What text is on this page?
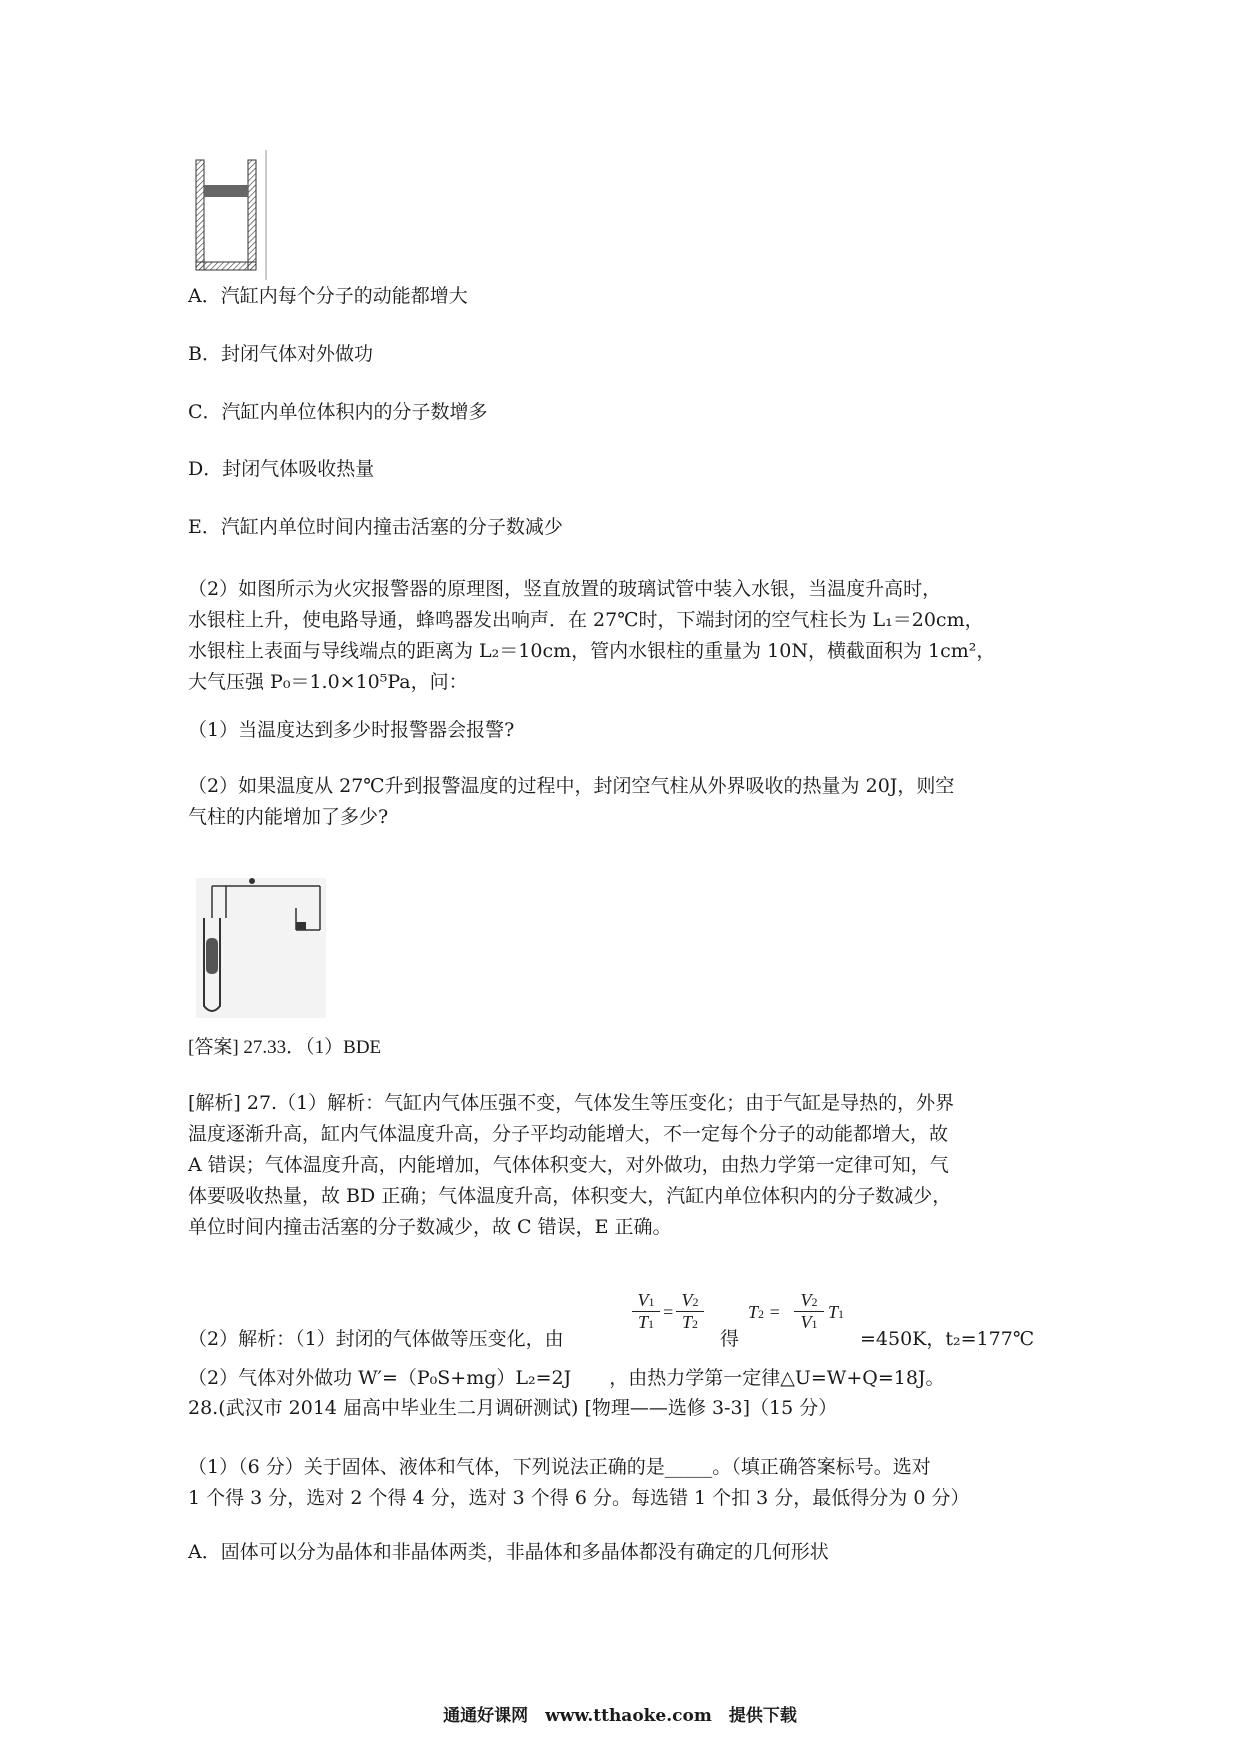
A．汽缸内每个分子的动能都增大
B．封闭气体对外做功
C．汽缸内单位体积内的分子数增多
D．封闭气体吸收热量
E．汽缸内单位时间内撞击活塞的分子数减少
（2）如图所示为火灾报警器的原理图，竖直放置的玻璃试管中装入水银，当温度升高时，
水银柱上升，使电路导通，蜂鸣器发出响声．在 27℃时，下端封闭的空气柱长为 L₁＝20cm，
水银柱上表面与导线端点的距离为 L₂＝10cm，管内水银柱的重量为 10N，横截面积为 1cm²，
大气压强 P₀＝1.0×10⁵Pa，问：
（1）当温度达到多少时报警器会报警?
（2）如果温度从 27℃升到报警温度的过程中，封闭空气柱从外界吸收的热量为 20J，则空
气柱的内能增加了多少?
[答案] 27.33．（1）BDE
[解析] 27.（1）解析：气缸内气体压强不变，气体发生等压变化；由于气缸是导热的，外界
温度逐渐升高，缸内气体温度升高，分子平均动能增大，不一定每个分子的动能都增大，故
A 错误；气体温度升高，内能增加，气体体积变大，对外做功，由热力学第一定律可知，气
体要吸收热量，故 BD 正确；气体温度升高，体积变大，汽缸内单位体积内的分子数减少，
单位时间内撞击活塞的分子数减少，故 C 错误，E 正确。
（2）解析：（1）封闭的气体做等压变化，由
$\frac{V1}{T1} = \frac{V2}{T2}$
得
$T2 = \frac{V2}{V1} T1$
=450K，t₂=177℃
（2）气体对外做功 W′=（P₀S+mg）L₂=2J　　，由热力学第一定律△U=W+Q=18J。
28.(武汉市 2014 届高中毕业生二月调研测试) [物理——选修 3-3]（15 分）
（1）（6 分）关于固体、液体和气体，下列说法正确的是_____。（填正确答案标号。选对
1 个得 3 分，选对 2 个得 4 分，选对 3 个得 6 分。每选错 1 个扣 3 分，最低得分为 0 分）
A．固体可以分为晶体和非晶体两类，非晶体和多晶体都没有确定的几何形状
通通好课网　www.tthaoke.com　提供下载
